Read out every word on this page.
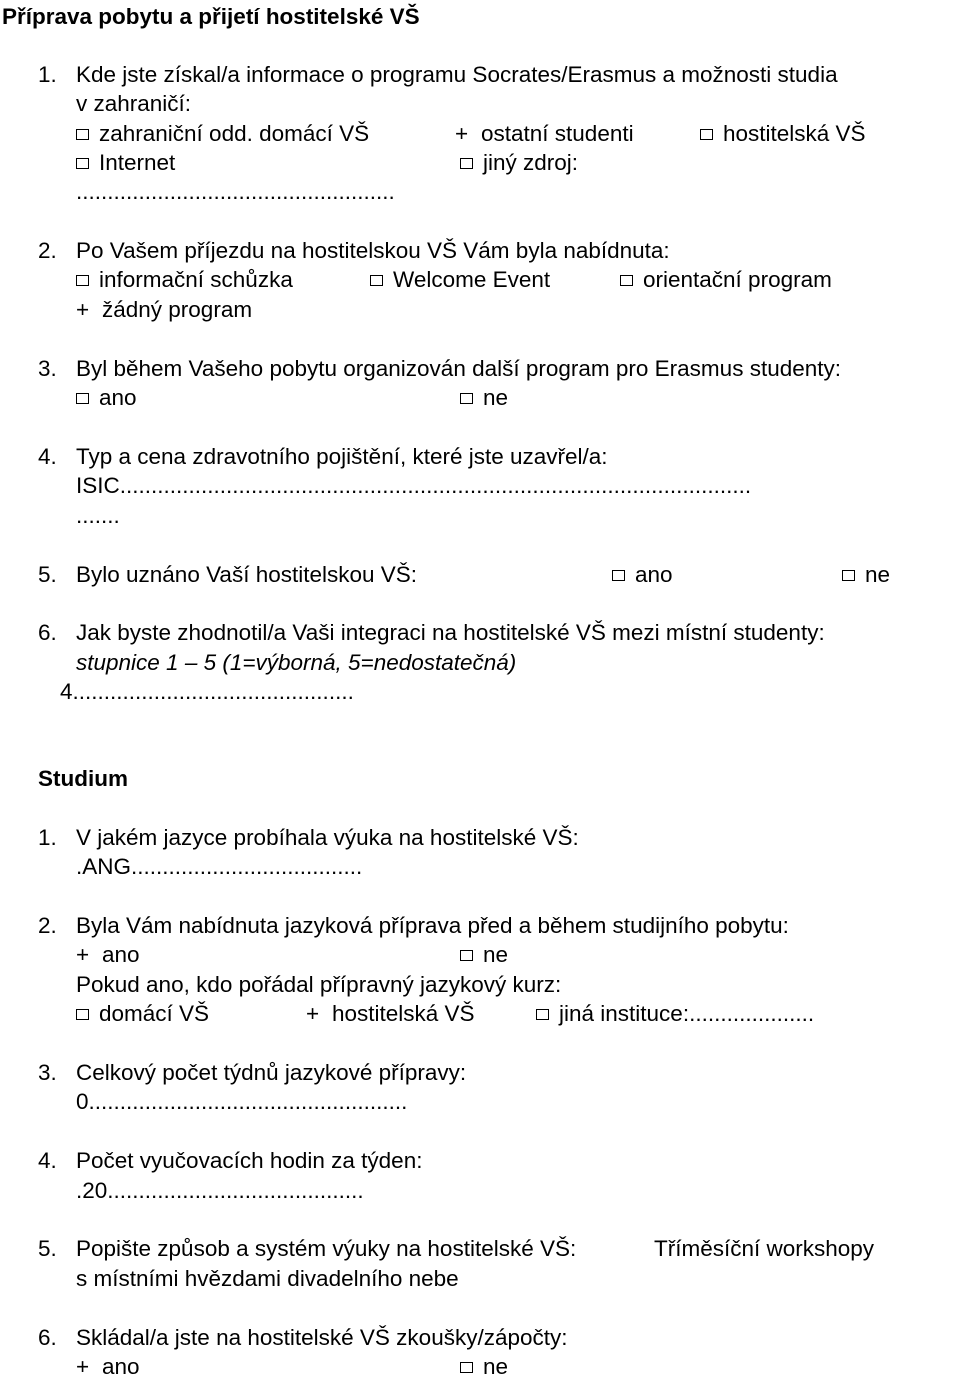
Příprava pobytu a přijetí hostitelské VŠ
1. Kde jste získal/a informace o programu Socrates/Erasmus a možnosti studia
v zahraničí:
zahraniční odd. domácí VŠ	+ ostatní studenti	hostitelská VŠ
Internet	jiný zdroj:
...................................................
2. Po Vašem příjezdu na hostitelskou VŠ Vám byla nabídnuta:
informační schůzka	Welcome Event	orientační program
+ žádný program
3. Byl během Vašeho pobytu organizován další program pro Erasmus studenty:
ano	ne
4. Typ a cena zdravotního pojištění, které jste uzavřel/a:
ISIC.....................................................................................................
.......
5. Bylo uznáno Vaší hostitelskou VŠ:	ano	ne
6. Jak byste zhodnotil/a Vaši integraci na hostitelské VŠ mezi místní studenty:
stupnice 1 – 5 (1=výborná, 5=nedostatečná)
4.............................................
Studium
1. V jakém jazyce probíhala výuka na hostitelské VŠ:
.ANG.....................................
2. Byla Vám nabídnuta jazyková příprava před a během studijního pobytu:
+ ano	ne
Pokud ano, kdo pořádal přípravný jazykový kurz:
domácí VŠ	+ hostitelská VŠ	jiná instituce:....................
3. Celkový počet týdnů jazykové přípravy:
0...................................................
4. Počet vyučovacích hodin za týden:
.20.........................................
5. Popište způsob a systém výuky na hostitelské VŠ:	Tříměsíční workshopy
s místními hvězdami divadelního nebe
6. Skládal/a jste na hostitelské VŠ zkoušky/zápočty:
+ ano	ne
